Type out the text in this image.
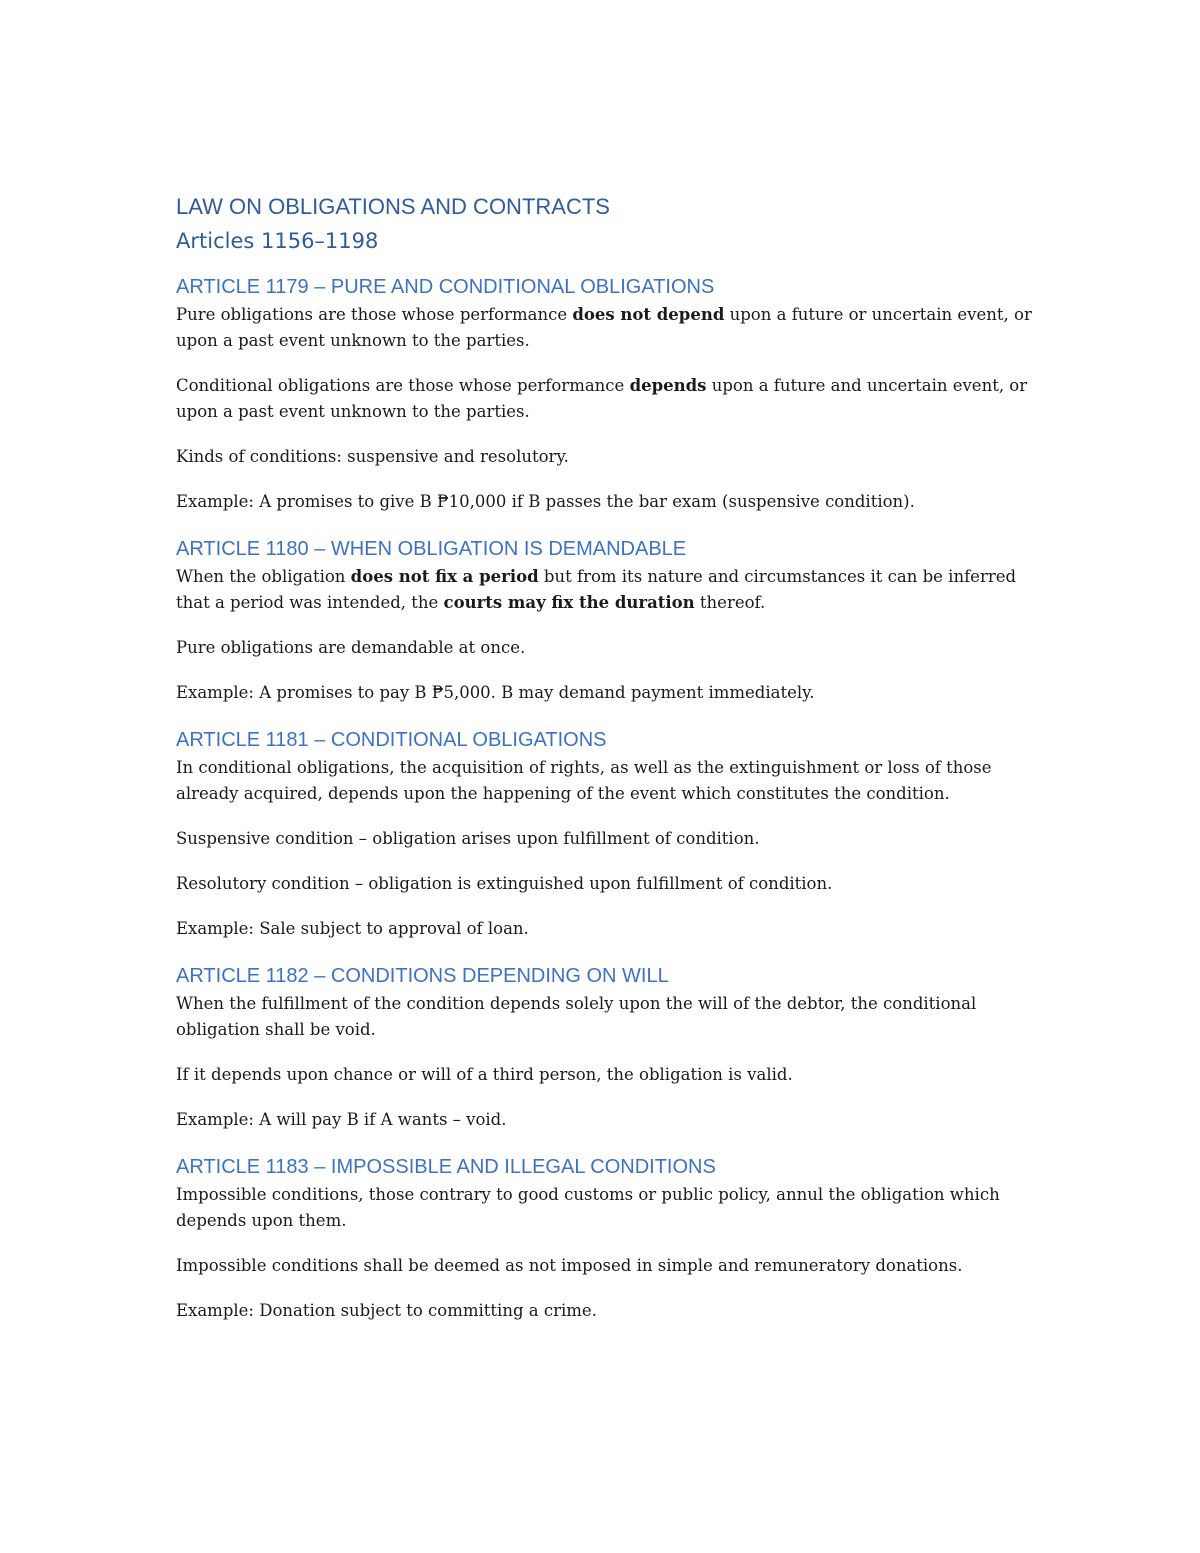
LAW ON OBLIGATIONS AND CONTRACTS
Articles 1156–1198
ARTICLE 1179 – PURE AND CONDITIONAL OBLIGATIONS

Pure obligations are those whose performance does not depend upon a future or uncertain event, or upon a past event unknown to the parties.

Conditional obligations are those whose performance depends upon a future and uncertain event, or upon a past event unknown to the parties.

Kinds of conditions: suspensive and resolutory.

Example: A promises to give B ₱10,000 if B passes the bar exam (suspensive condition).

ARTICLE 1180 – WHEN OBLIGATION IS DEMANDABLE

When the obligation does not fix a period but from its nature and circumstances it can be inferred that a period was intended, the courts may fix the duration thereof.

Pure obligations are demandable at once.

Example: A promises to pay B ₱5,000. B may demand payment immediately.

ARTICLE 1181 – CONDITIONAL OBLIGATIONS

In conditional obligations, the acquisition of rights, as well as the extinguishment or loss of those already acquired, depends upon the happening of the event which constitutes the condition.

Suspensive condition – obligation arises upon fulfillment of condition.

Resolutory condition – obligation is extinguished upon fulfillment of condition.

Example: Sale subject to approval of loan.

ARTICLE 1182 – CONDITIONS DEPENDING ON WILL

When the fulfillment of the condition depends solely upon the will of the debtor, the conditional obligation shall be void.

If it depends upon chance or will of a third person, the obligation is valid.

Example: A will pay B if A wants – void.

ARTICLE 1183 – IMPOSSIBLE AND ILLEGAL CONDITIONS

Impossible conditions, those contrary to good customs or public policy, annul the obligation which depends upon them.

Impossible conditions shall be deemed as not imposed in simple and remuneratory donations.

Example: Donation subject to committing a crime.
